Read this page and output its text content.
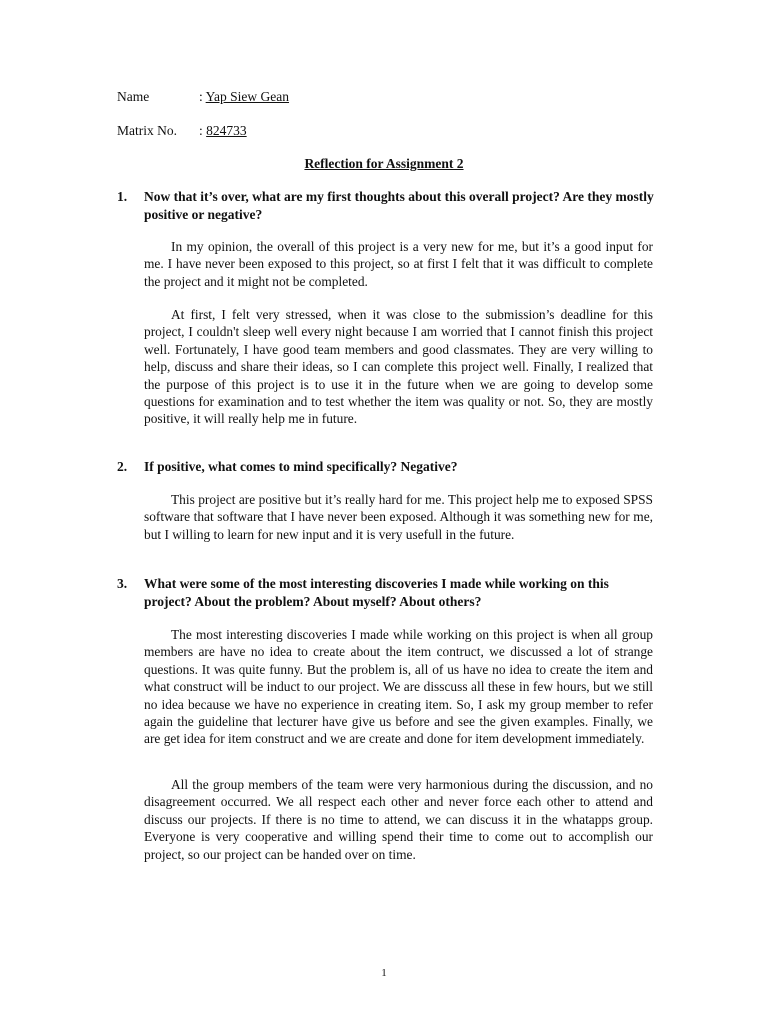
Name	: Yap Siew Gean
Matrix No. : 824733
Reflection for Assignment 2
1. Now that it’s over, what are my first thoughts about this overall project? Are they mostly positive or negative?

In my opinion, the overall of this project is a very new for me, but it’s a good input for me. I have never been exposed to this project, so at first I felt that it was difficult to complete the project and it might not be completed.

At first, I felt very stressed, when it was close to the submission’s deadline for this project, I couldn't sleep well every night because I am worried that I cannot finish this project well. Fortunately, I have good team members and good classmates. They are very willing to help, discuss and share their ideas, so I can complete this project well. Finally, I realized that the purpose of this project is to use it in the future when we are going to develop some questions for examination and to test whether the item was quality or not. So, they are mostly positive, it will really help me in future.

2. If positive, what comes to mind specifically? Negative?

This project are positive but it’s really hard for me. This project help me to exposed SPSS software that software that I have never been exposed. Although it was something new for me, but I willing to learn for new input and it is very usefull in the future.

3. What were some of the most interesting discoveries I made while working on this project? About the problem? About myself? About others?

The most interesting discoveries I made while working on this project is when all group members are have no idea to create about the item contruct, we discussed a lot of strange questions. It was quite funny. But the problem is, all of us have no idea to create the item and what construct will be induct to our project. We are disscuss all these in few hours, but we still no idea because we have no experience in creating item. So, I ask my group member to refer again the guideline that lecturer have give us before and see the given examples. Finally, we are get idea for item construct and we are create and done for item development immediately.

All the group members of the team were very harmonious during the discussion, and no disagreement occurred. We all respect each other and never force each other to attend and discuss our projects. If there is no time to attend, we can discuss it in the whatapps group. Everyone is very cooperative and willing spend their time to come out to accomplish our project, so our project can be handed over on time.

1
